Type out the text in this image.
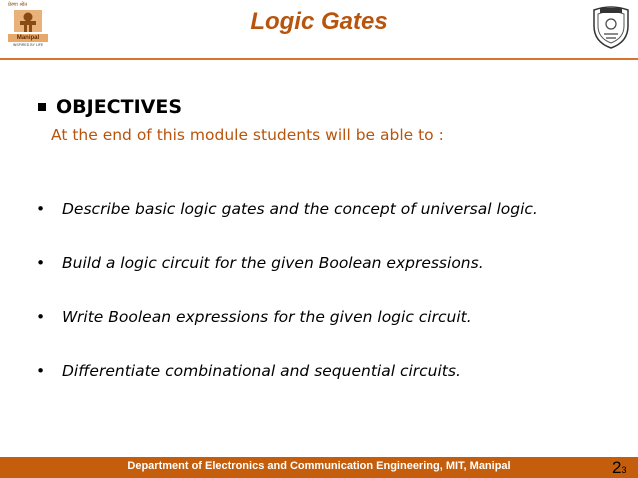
प्रेरणा श्रोत
Manipal
INSPIRED BY LIFE
Logic Gates
OBJECTIVES
At the end of this module students will be able to :
• Describe basic logic gates and the concept of universal logic.
• Build a logic circuit for the given Boolean expressions.
• Write Boolean expressions for the given logic circuit.
• Differentiate combinational and sequential circuits.
Department of Electronics and Communication Engineering, MIT, Manipal	23
